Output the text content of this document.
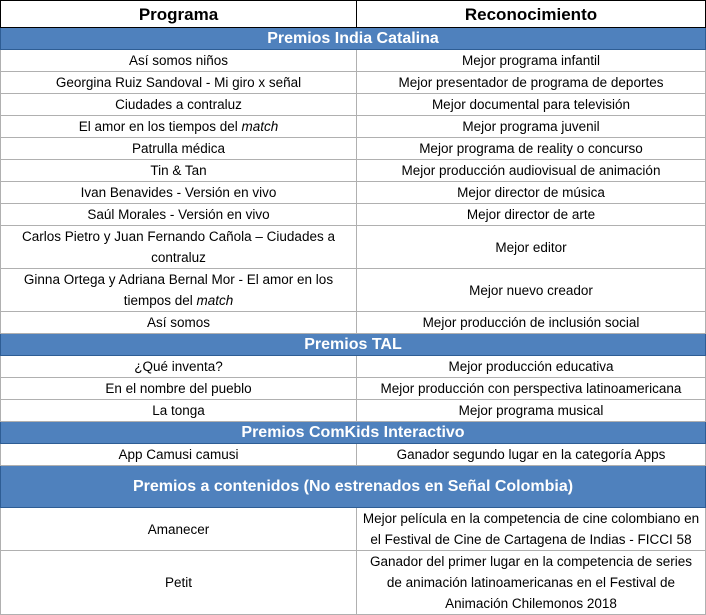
Programa	Reconocimiento
Premios India Catalina	
Así somos niños	Mejor programa infantil
Georgina Ruiz Sandoval - Mi giro x señal	Mejor presentador de programa de deportes
Ciudades a contraluz	Mejor documental para televisión
El amor en los tiempos del match	Mejor programa juvenil
Patrulla médica	Mejor programa de reality o concurso
Tin & Tan	Mejor producción audiovisual de animación
Ivan Benavides - Versión en vivo	Mejor director de música
Saúl Morales - Versión en vivo	Mejor director de arte
Carlos Pietro y Juan Fernando Cañola – Ciudades a contraluz	Mejor editor
Ginna Ortega y Adriana Bernal Mor - El amor en los tiempos del match	Mejor nuevo creador
Así somos	Mejor producción de inclusión social
Premios TAL	
¿Qué inventa?	Mejor producción educativa
En el nombre del pueblo	Mejor producción con perspectiva latinoamericana
La tonga	Mejor programa musical
Premios ComKids Interactivo	
App Camusi camusi	Ganador segundo lugar en la categoría Apps
Premios a contenidos (No estrenados en Señal Colombia)	
Amanecer	Mejor película en la competencia de cine colombiano en el Festival de Cine de Cartagena de Indias - FICCI 58
Petit	Ganador del primer lugar en la competencia de series de animación latinoamericanas en el Festival de Animación Chilemonos 2018
